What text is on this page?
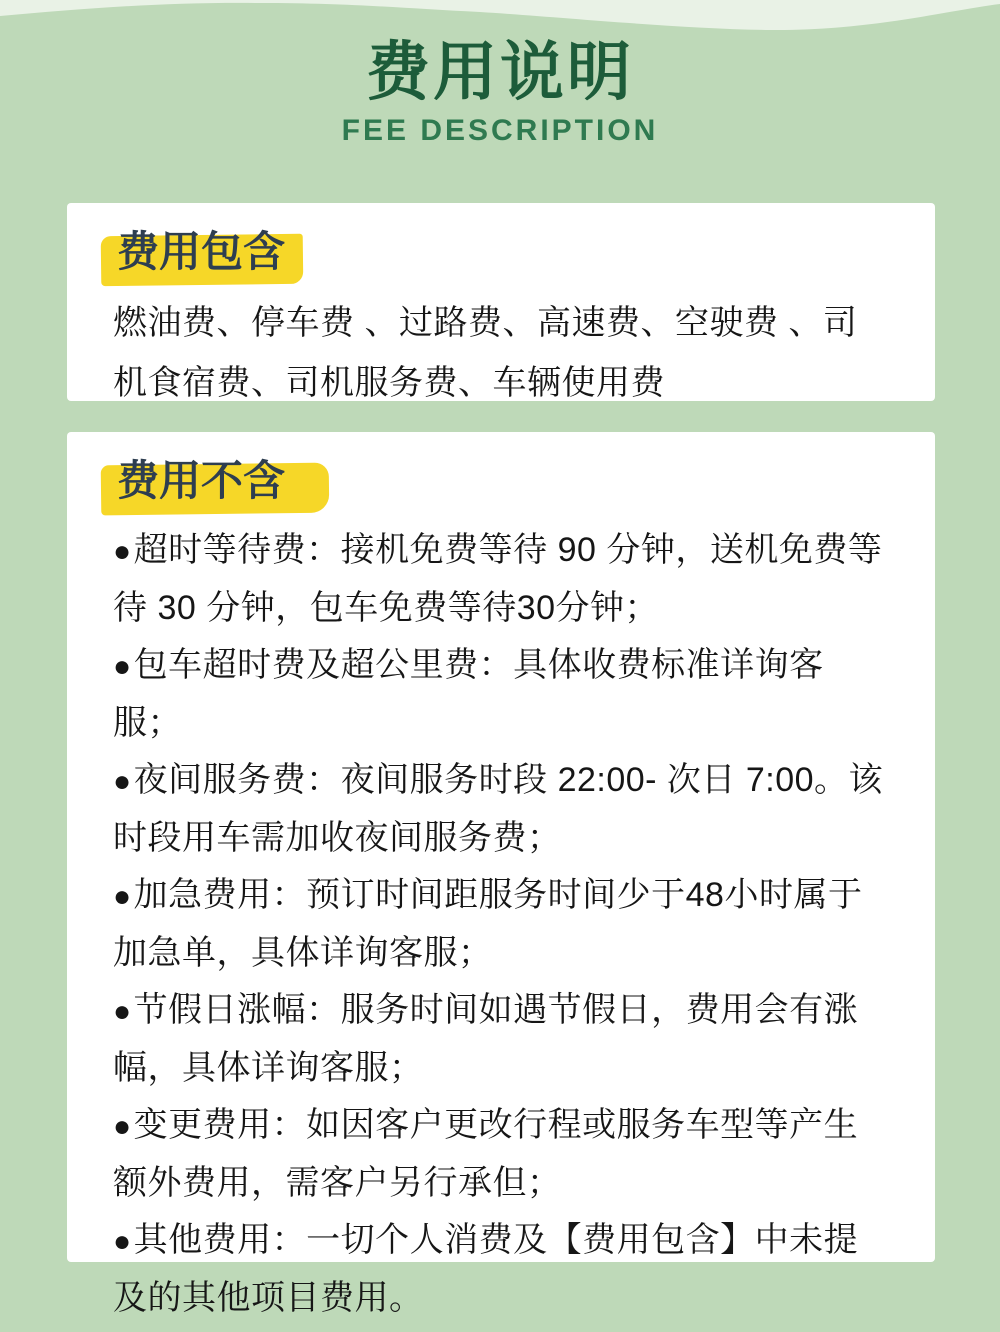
费用说明
FEE DESCRIPTION
费用包含

燃油费、停车费 、过路费、高速费、空驶费 、司机食宿费、司机服务费、车辆使用费

费用不含
●超时等待费：接机免费等待 90 分钟，送机免费等待 30 分钟，包车免费等待30分钟；
●包车超时费及超公里费：具体收费标准详询客服；
●夜间服务费：夜间服务时段 22:00- 次日 7:00。该时段用车需加收夜间服务费；
●加急费用：预订时间距服务时间少于48小时属于加急单，具体详询客服；
●节假日涨幅：服务时间如遇节假日，费用会有涨幅，具体详询客服；
●变更费用：如因客户更改行程或服务车型等产生额外费用，需客户另行承但；
●其他费用：一切个人消费及【费用包含】中未提及的其他项目费用。
